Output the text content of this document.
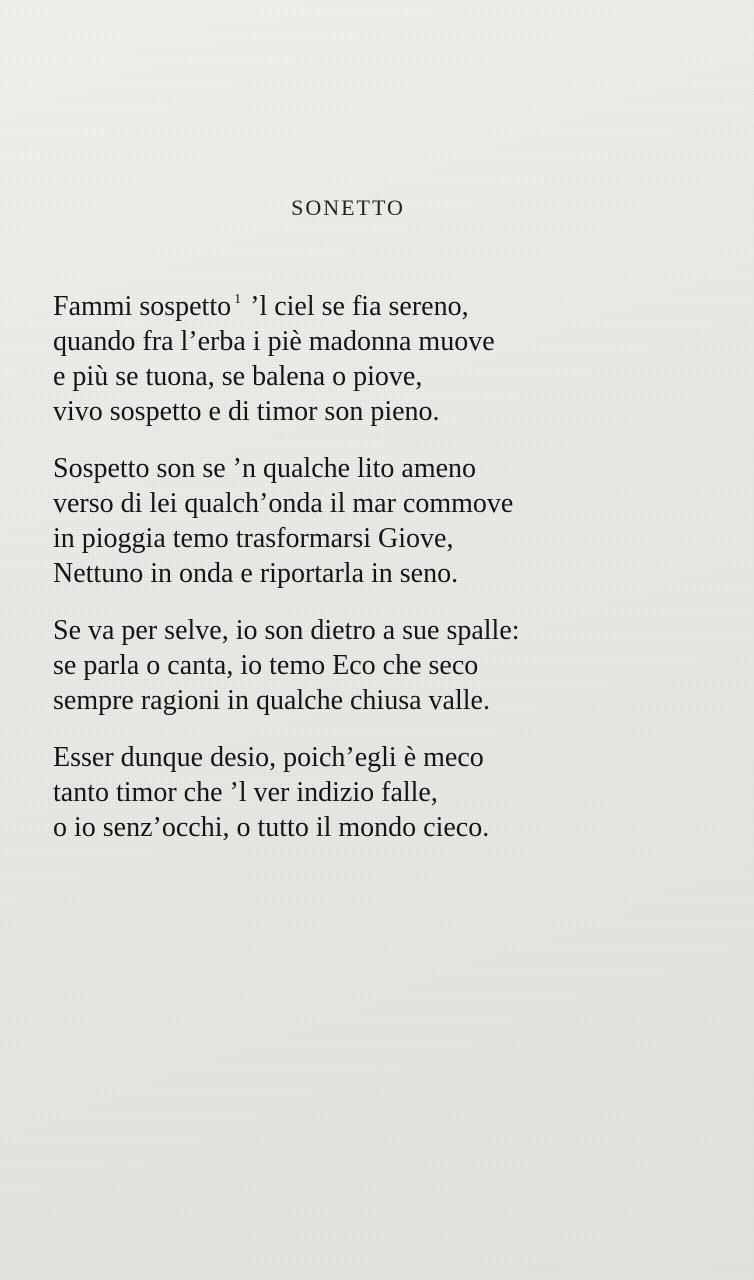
SONETTO
Fammi sospetto $^1$ ’l ciel se fia sereno,
quando fra l’erba i piè madonna muove
e più se tuona, se balena o piove,
vivo sospetto e di timor son pieno.
Sospetto son se ’n qualche lito ameno
verso di lei qualch’onda il mar commove
in pioggia temo trasformarsi Giove,
Nettuno in onda e riportarla in seno.
Se va per selve, io son dietro a sue spalle:
se parla o canta, io temo Eco che seco
sempre ragioni in qualche chiusa valle.
Esser dunque desio, poich’egli è meco
tanto timor che ’l ver indizio falle,
o io senz’occhi, o tutto il mondo cieco.
